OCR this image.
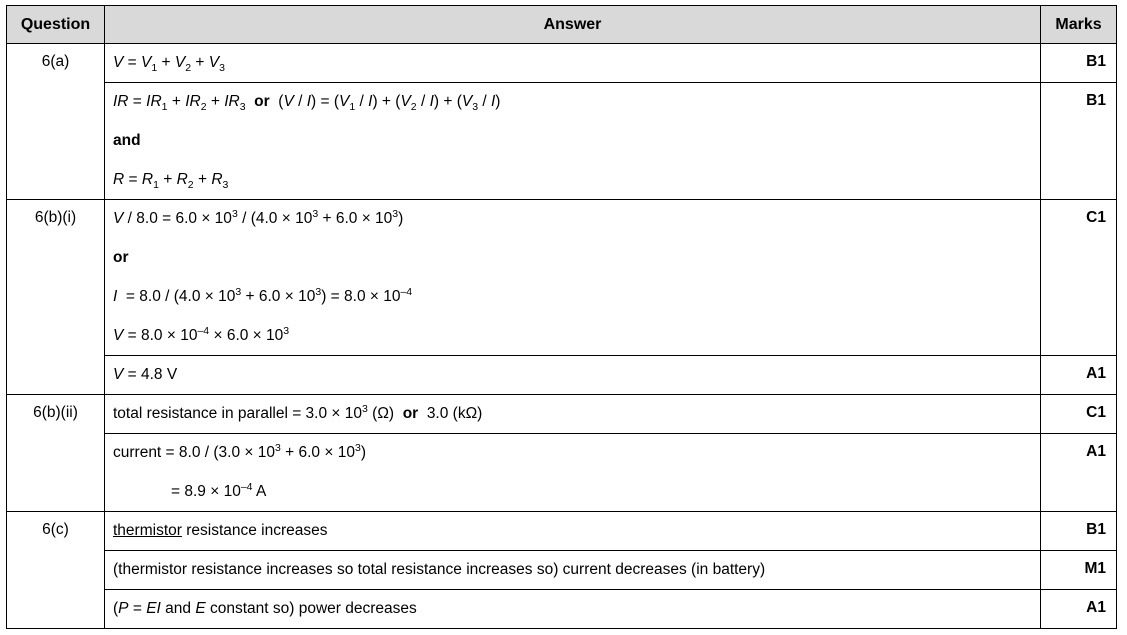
Question	Answer	Marks
6(a)	$V = V_1 + V_2 + V_3$	B1

	IR = $IR_1 + IR_2 + IR_3$ or  $(V / I) = (V_1 / I) + (V_2 / I) + (V_3 / I)$
and
$R = R_1 + R_2 + R_3$	B1
6(b)(i)	$V / 8.0 = 6.0 \times 10^3 / (4.0 \times 10^3 + 6.0 \times 10^3)$
or
$I = 8.0 / (4.0 \times 10^3 + 6.0 \times 10^3) = 8.0 \times 10^{-4}$
$V = 8.0 \times 10^{-4} \times 6.0 \times 10^3$	C1

	V = 4.8 V	A1
6(b)(ii)	total resistance in parallel = $3.0 \times 10^3$ (Ω)  or  3.0 (kΩ)	C1

	current = $8.0 / (3.0 \times 10^3 + 6.0 \times 10^3)$
= $8.9 \times 10^{-4}$ A	A1
6(c)	thermistor resistance increases	B1

	(thermistor resistance increases so total resistance increases so) current decreases (in battery)	M1

	(P = EI and E constant so) power decreases	A1
